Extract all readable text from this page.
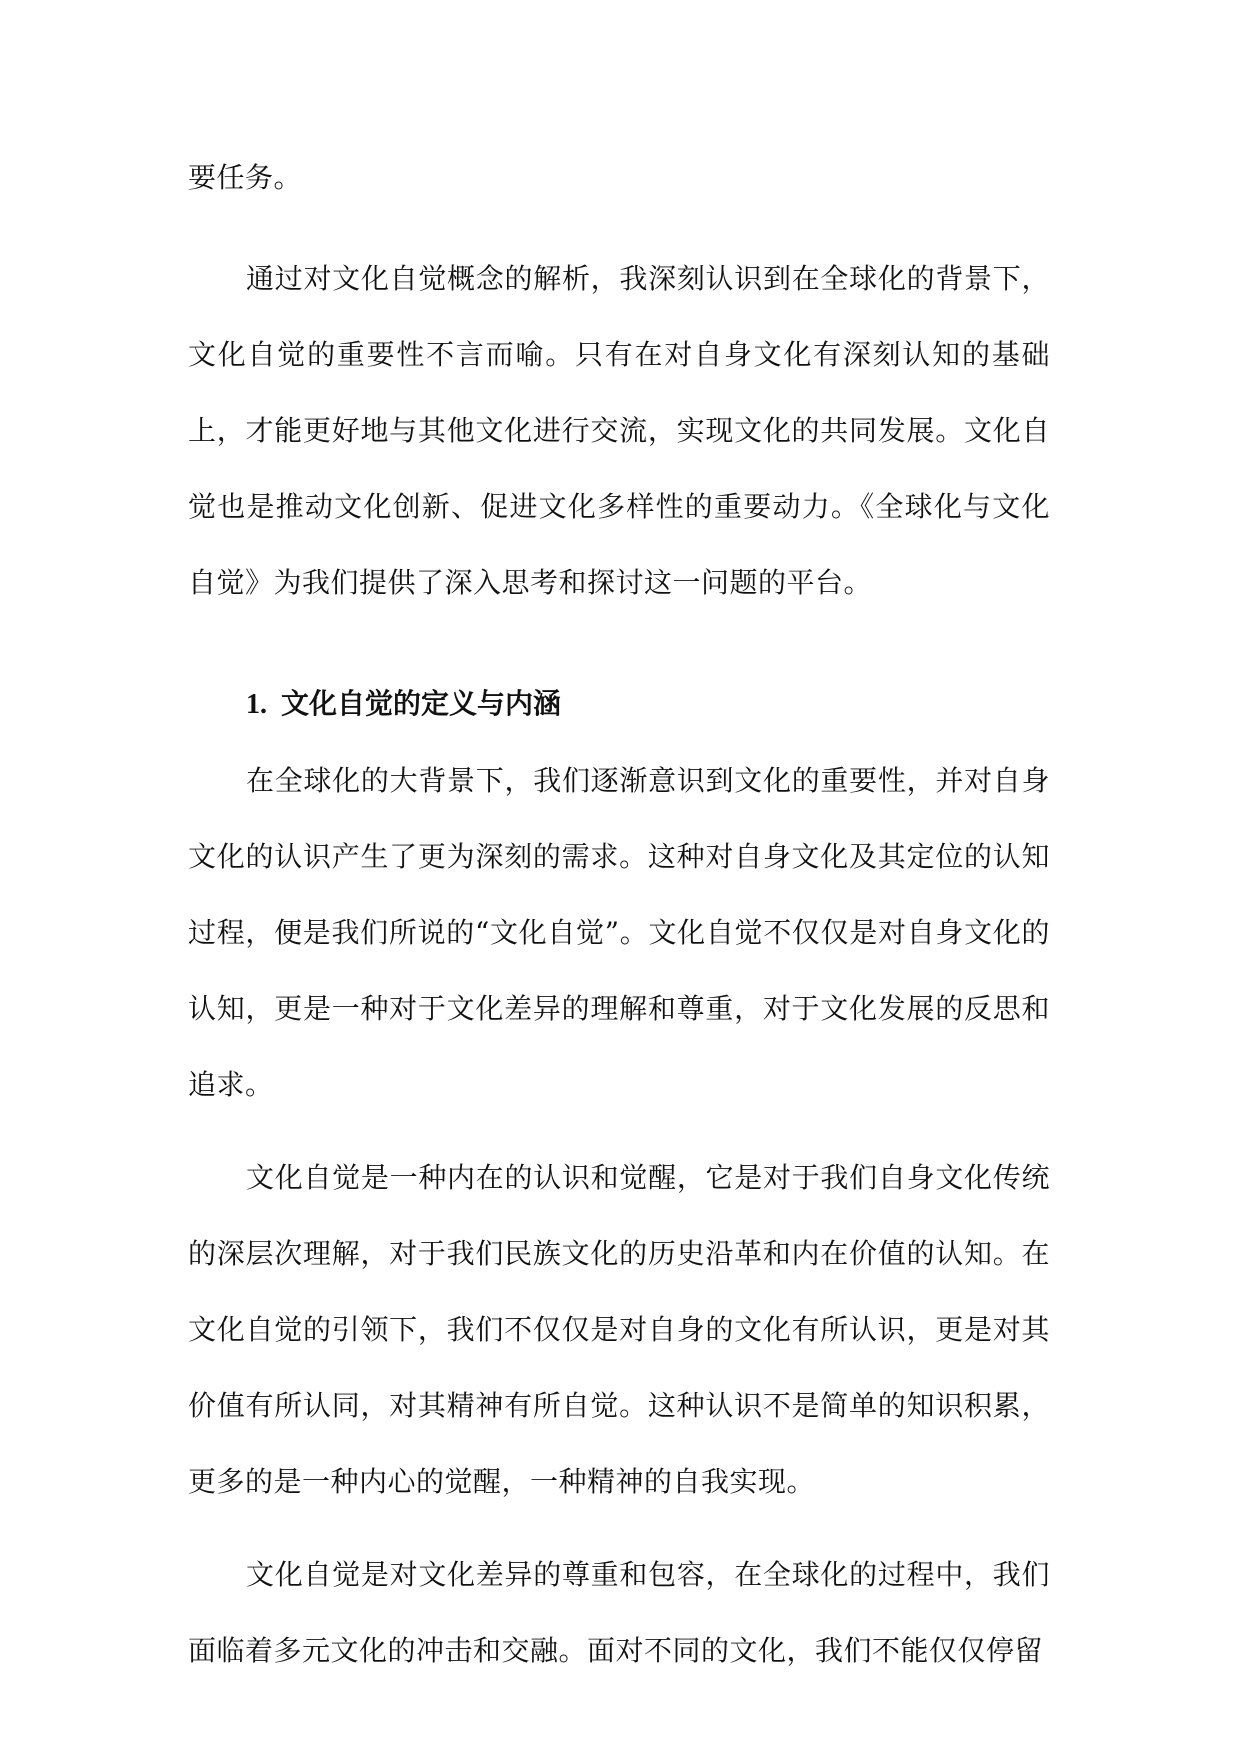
要任务。

通过对文化自觉概念的解析，我深刻认识到在全球化的背景下，文化自觉的重要性不言而喻。只有在对自身文化有深刻认知的基础上，才能更好地与其他文化进行交流，实现文化的共同发展。文化自觉也是推动文化创新、促进文化多样性的重要动力。《全球化与文化自觉》为我们提供了深入思考和探讨这一问题的平台。

1. 文化自觉的定义与内涵

在全球化的大背景下，我们逐渐意识到文化的重要性，并对自身文化的认识产生了更为深刻的需求。这种对自身文化及其定位的认知过程，便是我们所说的“文化自觉”。文化自觉不仅仅是对自身文化的认知，更是一种对于文化差异的理解和尊重，对于文化发展的反思和追求。

文化自觉是一种内在的认识和觉醒，它是对于我们自身文化传统的深层次理解，对于我们民族文化的历史沿革和内在价值的认知。在文化自觉的引领下，我们不仅仅是对自身的文化有所认识，更是对其价值有所认同，对其精神有所自觉。这种认识不是简单的知识积累，更多的是一种内心的觉醒，一种精神的自我实现。

文化自觉是对文化差异的尊重和包容，在全球化的过程中，我们面临着多元文化的冲击和交融。面对不同的文化，我们不能仅仅停留
